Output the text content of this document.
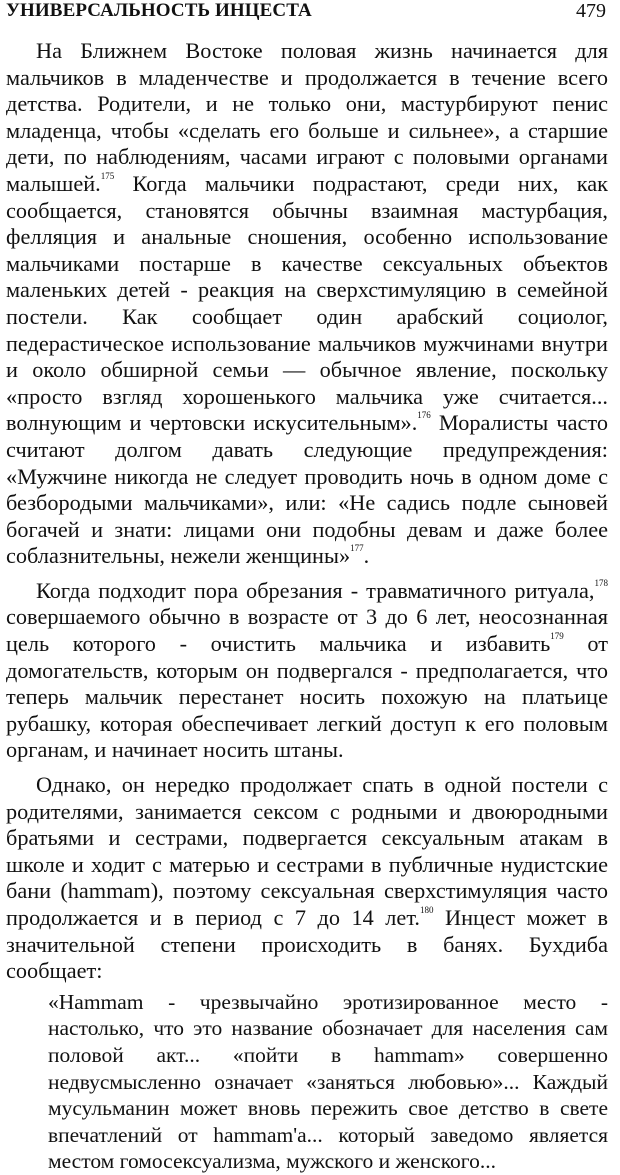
УНИВЕРСАЛЬНОСТЬ ИНЦЕСТА	479

На Ближнем Востоке половая жизнь начинается для мальчиков в младенчестве и продолжается в течение всего детства. Родители, и не только они, мастурбируют пенис младенца, чтобы «сделать его больше и сильнее», а старшие дети, по наблюдениям, часами играют с половыми органами малышей.$^{175}$ Когда мальчики подрастают, среди них, как сообщается, становятся обычны взаимная мастурбация, фелляция и анальные сношения, особенно использование мальчиками постарше в качестве сексуальных объектов маленьких детей - реакция на сверхстимуляцию в семейной постели. Как сообщает один арабский социолог, педерастическое использование мальчиков мужчинами внутри и около обширной семьи — обычное явление, поскольку «просто взгляд хорошенького мальчика уже считается... волнующим и чертовски искусительным».$^{176}$ Моралисты часто считают долгом давать следующие предупреждения: «Мужчине никогда не следует проводить ночь в одном доме с безбородыми мальчиками», или: «Не садись подле сыновей богачей и знати: лицами они подобны девам и даже более соблазнительны, нежели женщины»$^{177}$.

Когда подходит пора обрезания - травматичного ритуала,$^{178}$ совершаемого обычно в возрасте от 3 до 6 лет, неосознанная цель которого - очистить мальчика и избавить$^{179}$ от домогательств, которым он подвергался - предполагается, что теперь мальчик перестанет носить похожую на платьице рубашку, которая обеспечивает легкий доступ к его половым органам, и начинает носить штаны.

Однако, он нередко продолжает спать в одной постели с родителями, занимается сексом с родными и двоюродными братьями и сестрами, подвергается сексуальным атакам в школе и ходит с матерью и сестрами в публичные нудистские бани (hammam), поэтому сексуальная сверхстимуляция часто продолжается и в период с 7 до 14 лет.$^{180}$ Инцест может в значительной степени происходить в банях. Бухдиба сообщает:

«Hammam - чрезвычайно эротизированное место - настолько, что это название обозначает для населения сам половой акт... «пойти в hammam» совершенно недвусмысленно означает «заняться любовью»... Каждый мусульманин может вновь пережить свое детство в свете впечатлений от hammam'a... который заведомо является местом гомосексуализма, мужского и женского...
